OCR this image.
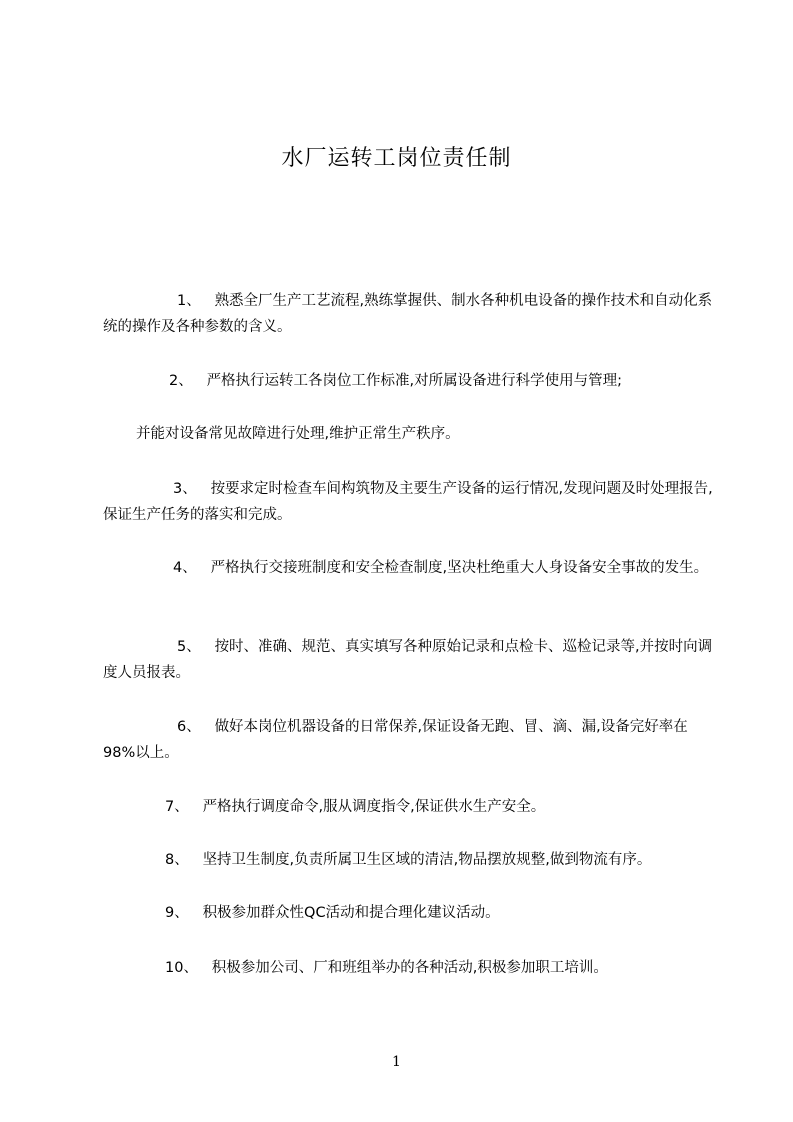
水厂运转工岗位责任制
1、 熟悉全厂生产工艺流程,熟练掌握供、制水各种机电设备的操作技术和自动化系统的操作及各种参数的含义。
2、 严格执行运转工各岗位工作标准,对所属设备进行科学使用与管理;
并能对设备常见故障进行处理,维护正常生产秩序。
3、 按要求定时检查车间构筑物及主要生产设备的运行情况,发现问题及时处理报告,保证生产任务的落实和完成。
4、 严格执行交接班制度和安全检查制度,坚决杜绝重大人身设备安全事故的发生。
5、 按时、准确、规范、真实填写各种原始记录和点检卡、巡检记录等,并按时向调度人员报表。
6、 做好本岗位机器设备的日常保养,保证设备无跑、冒、滴、漏,设备完好率在98%以上。
7、 严格执行调度命令,服从调度指令,保证供水生产安全。
8、 坚持卫生制度,负责所属卫生区域的清洁,物品摆放规整,做到物流有序。
9、 积极参加群众性QC活动和提合理化建议活动。
10、 积极参加公司、厂和班组举办的各种活动,积极参加职工培训。
1
